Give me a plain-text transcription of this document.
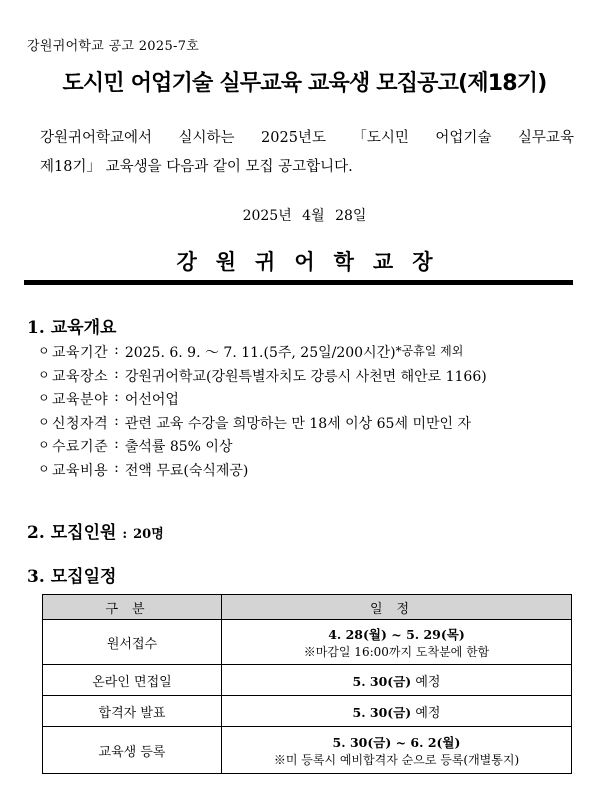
강원귀어학교 공고 2025-7호
도시민 어업기술 실무교육 교육생 모집공고(제18기)
강원귀어학교에서 실시하는 2025년도 「도시민 어업기술 실무교육
제18기」 교육생을 다음과 같이 모집 공고합니다.
2025년 4월 28일
강원귀어학교장
1. 교육개요
ㅇ 교육기간 : 2025. 6. 9. ～ 7. 11.(5주, 25일/200시간) *공휴일 제외
ㅇ 교육장소 : 강원귀어학교(강원특별자치도 강릉시 사천면 해안로 1166)
ㅇ 교육분야 : 어선어업
ㅇ 신청자격 : 관련 교육 수강을 희망하는 만 18세 이상 65세 미만인 자
ㅇ 수료기준 : 출석률 85% 이상
ㅇ 교육비용 : 전액 무료(숙식제공)
2. 모집인원 : 20명
3. 모집일정
구분	일정
원서접수	4. 28(월) ~ 5. 29(목)
※마감일 16:00까지 도착분에 한함

온라인 면접일	5. 30(금) 예정
합격자 발표	5. 30(금) 예정
교육생 등록	5. 30(금) ~ 6. 2(월)
※미 등록시 예비합격자 순으로 등록(개별통지)
